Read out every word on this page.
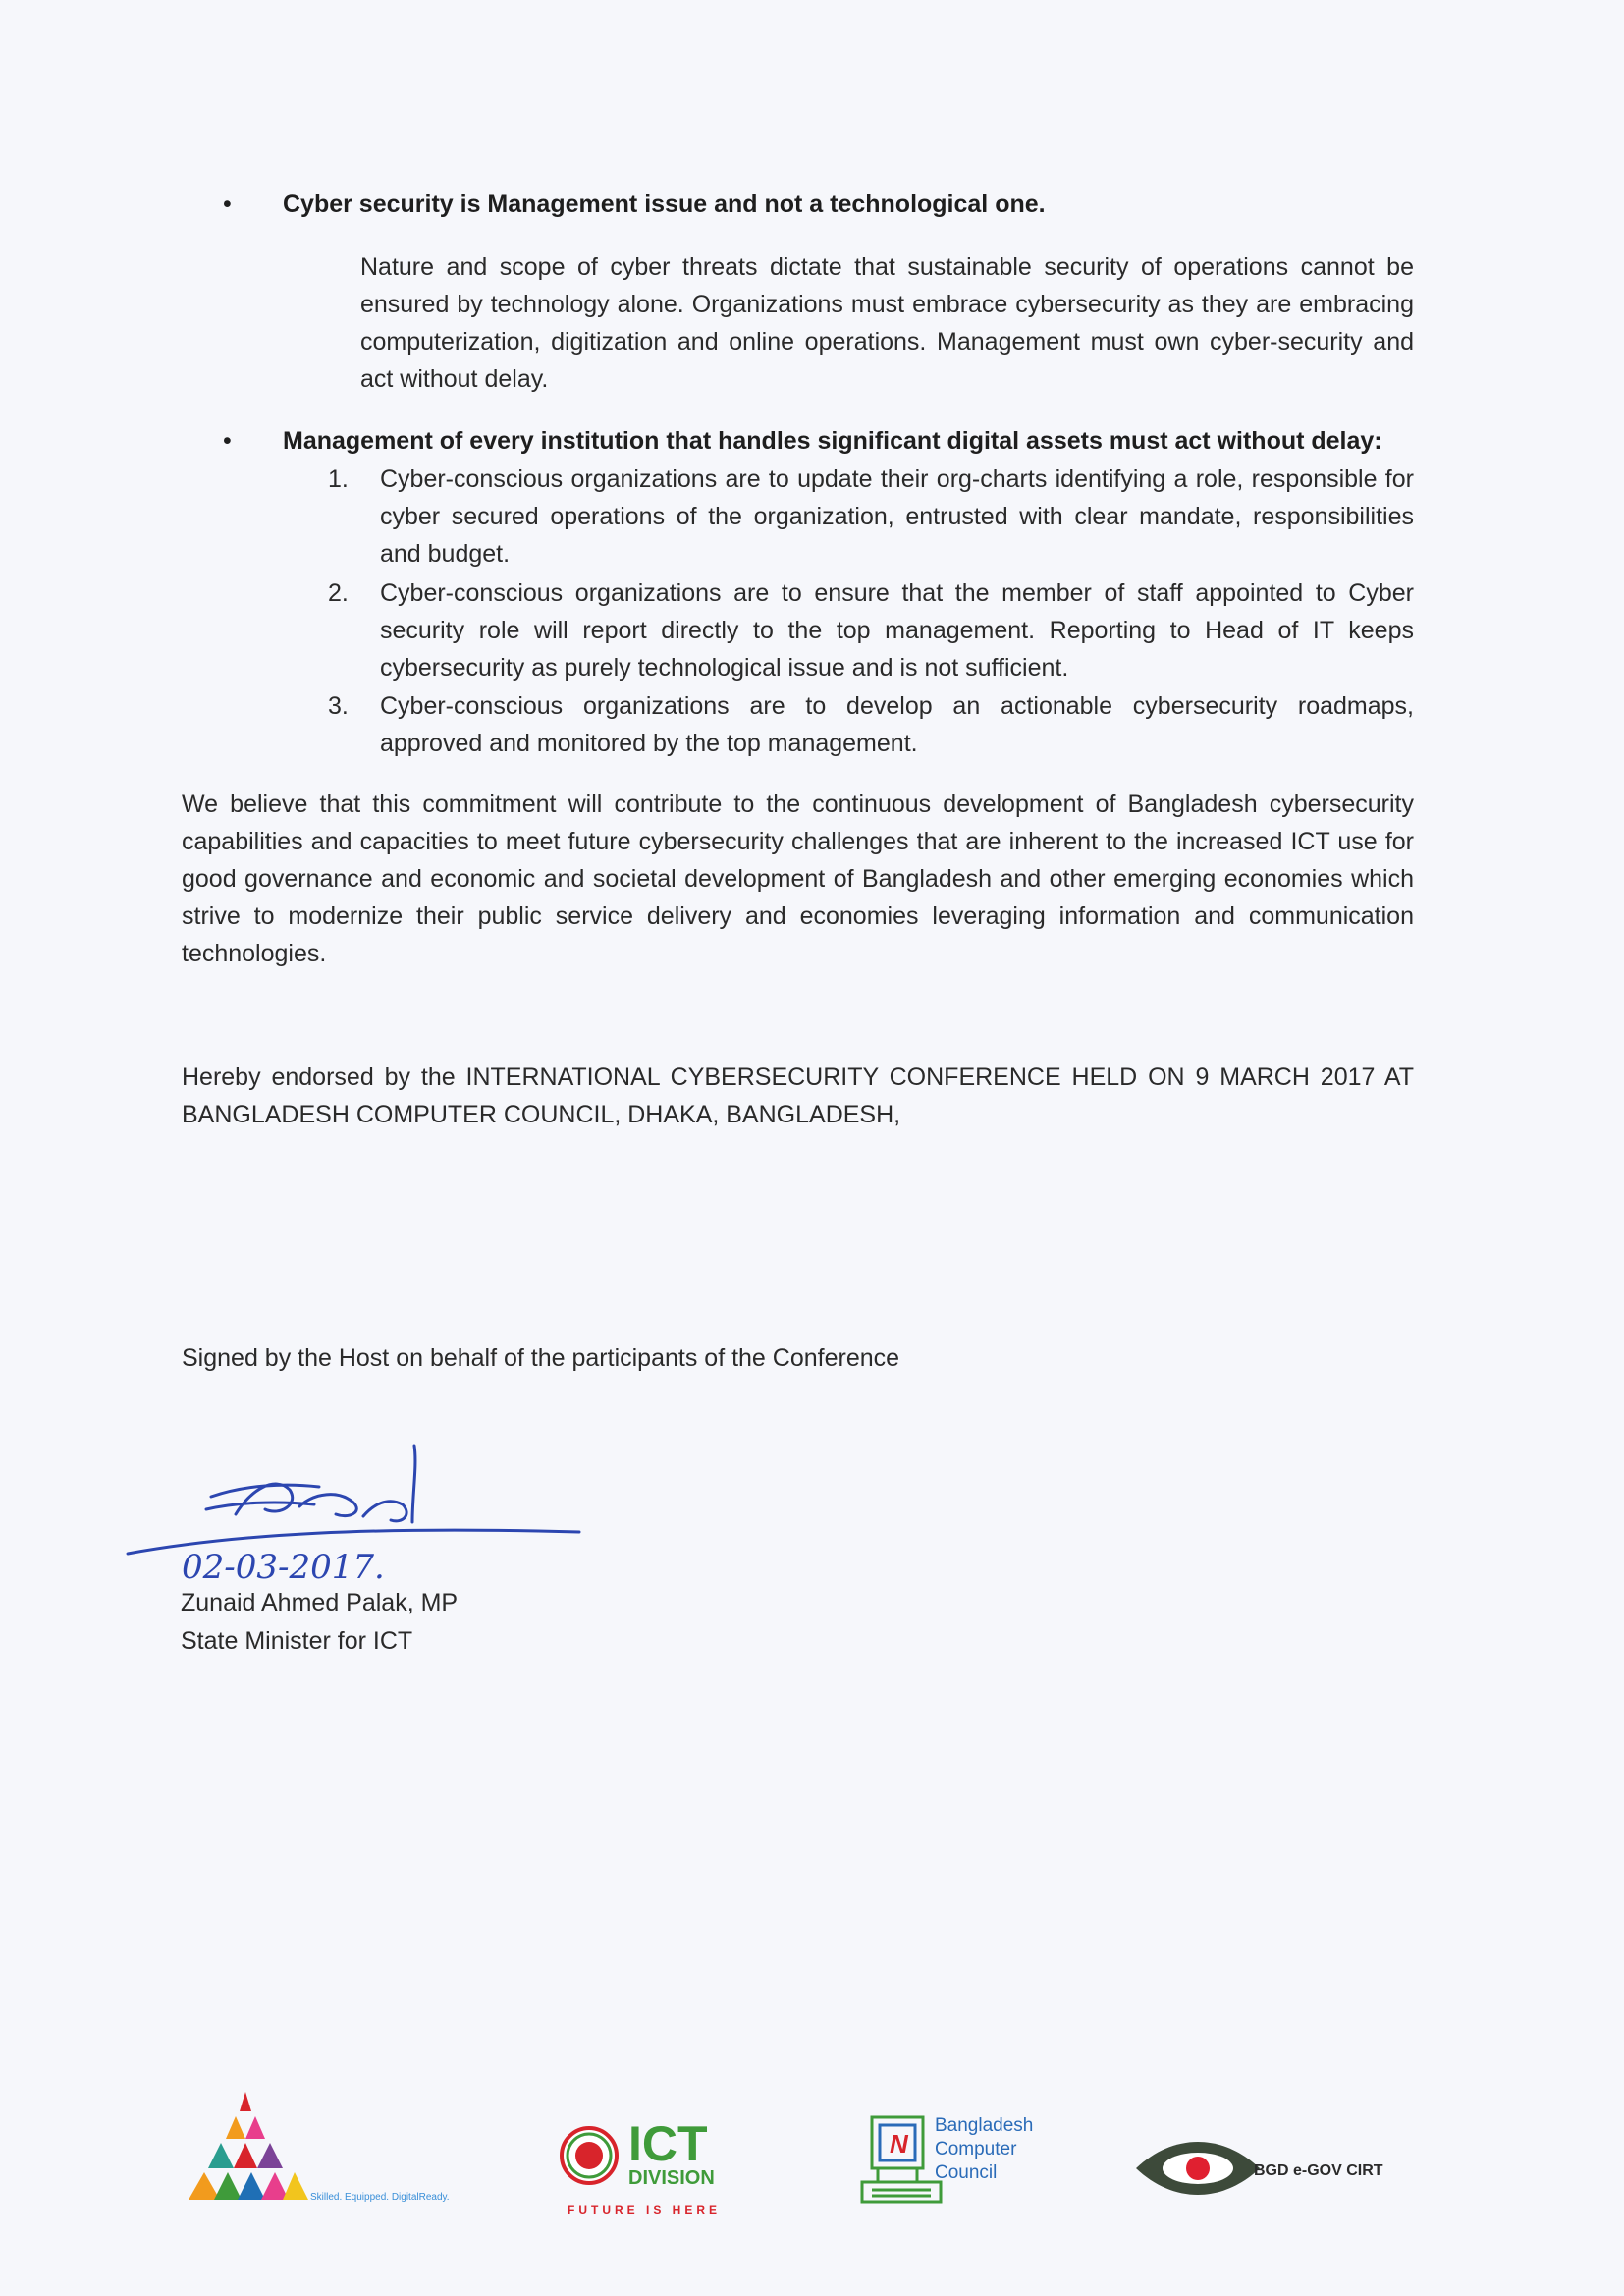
• Cyber security is Management issue and not a technological one.
Nature and scope of cyber threats dictate that sustainable security of operations cannot be ensured by technology alone. Organizations must embrace cybersecurity as they are embracing computerization, digitization and online operations. Management must own cyber-security and act without delay.
• Management of every institution that handles significant digital assets must act without delay:
1.	Cyber-conscious organizations are to update their org-charts identifying a role, responsible for cyber secured operations of the organization, entrusted with clear mandate, responsibilities and budget.
2.	Cyber-conscious organizations are to ensure that the member of staff appointed to Cyber security role will report directly to the top management. Reporting to Head of IT keeps cybersecurity as purely technological issue and is not sufficient.
3.	Cyber-conscious organizations are to develop an actionable cybersecurity roadmaps, approved and monitored by the top management.
We believe that this commitment will contribute to the continuous development of Bangladesh cybersecurity capabilities and capacities to meet future cybersecurity challenges that are inherent to the increased ICT use for good governance and economic and societal development of Bangladesh and other emerging economies which strive to modernize their public service delivery and economies leveraging information and communication technologies.
Hereby endorsed by the INTERNATIONAL CYBERSECURITY CONFERENCE HELD ON 9 MARCH 2017 AT BANGLADESH COMPUTER COUNCIL, DHAKA, BANGLADESH,
Signed by the Host on behalf of the participants of the Conference
02-03-2017.
Zunaid Ahmed Palak, MP
State Minister for ICT
Skilled. Equipped. DigitalReady.
ICT
DIVISION
FUTURE IS HERE
N
Bangladesh
Computer
Council	BGD e-GOV CIRT
